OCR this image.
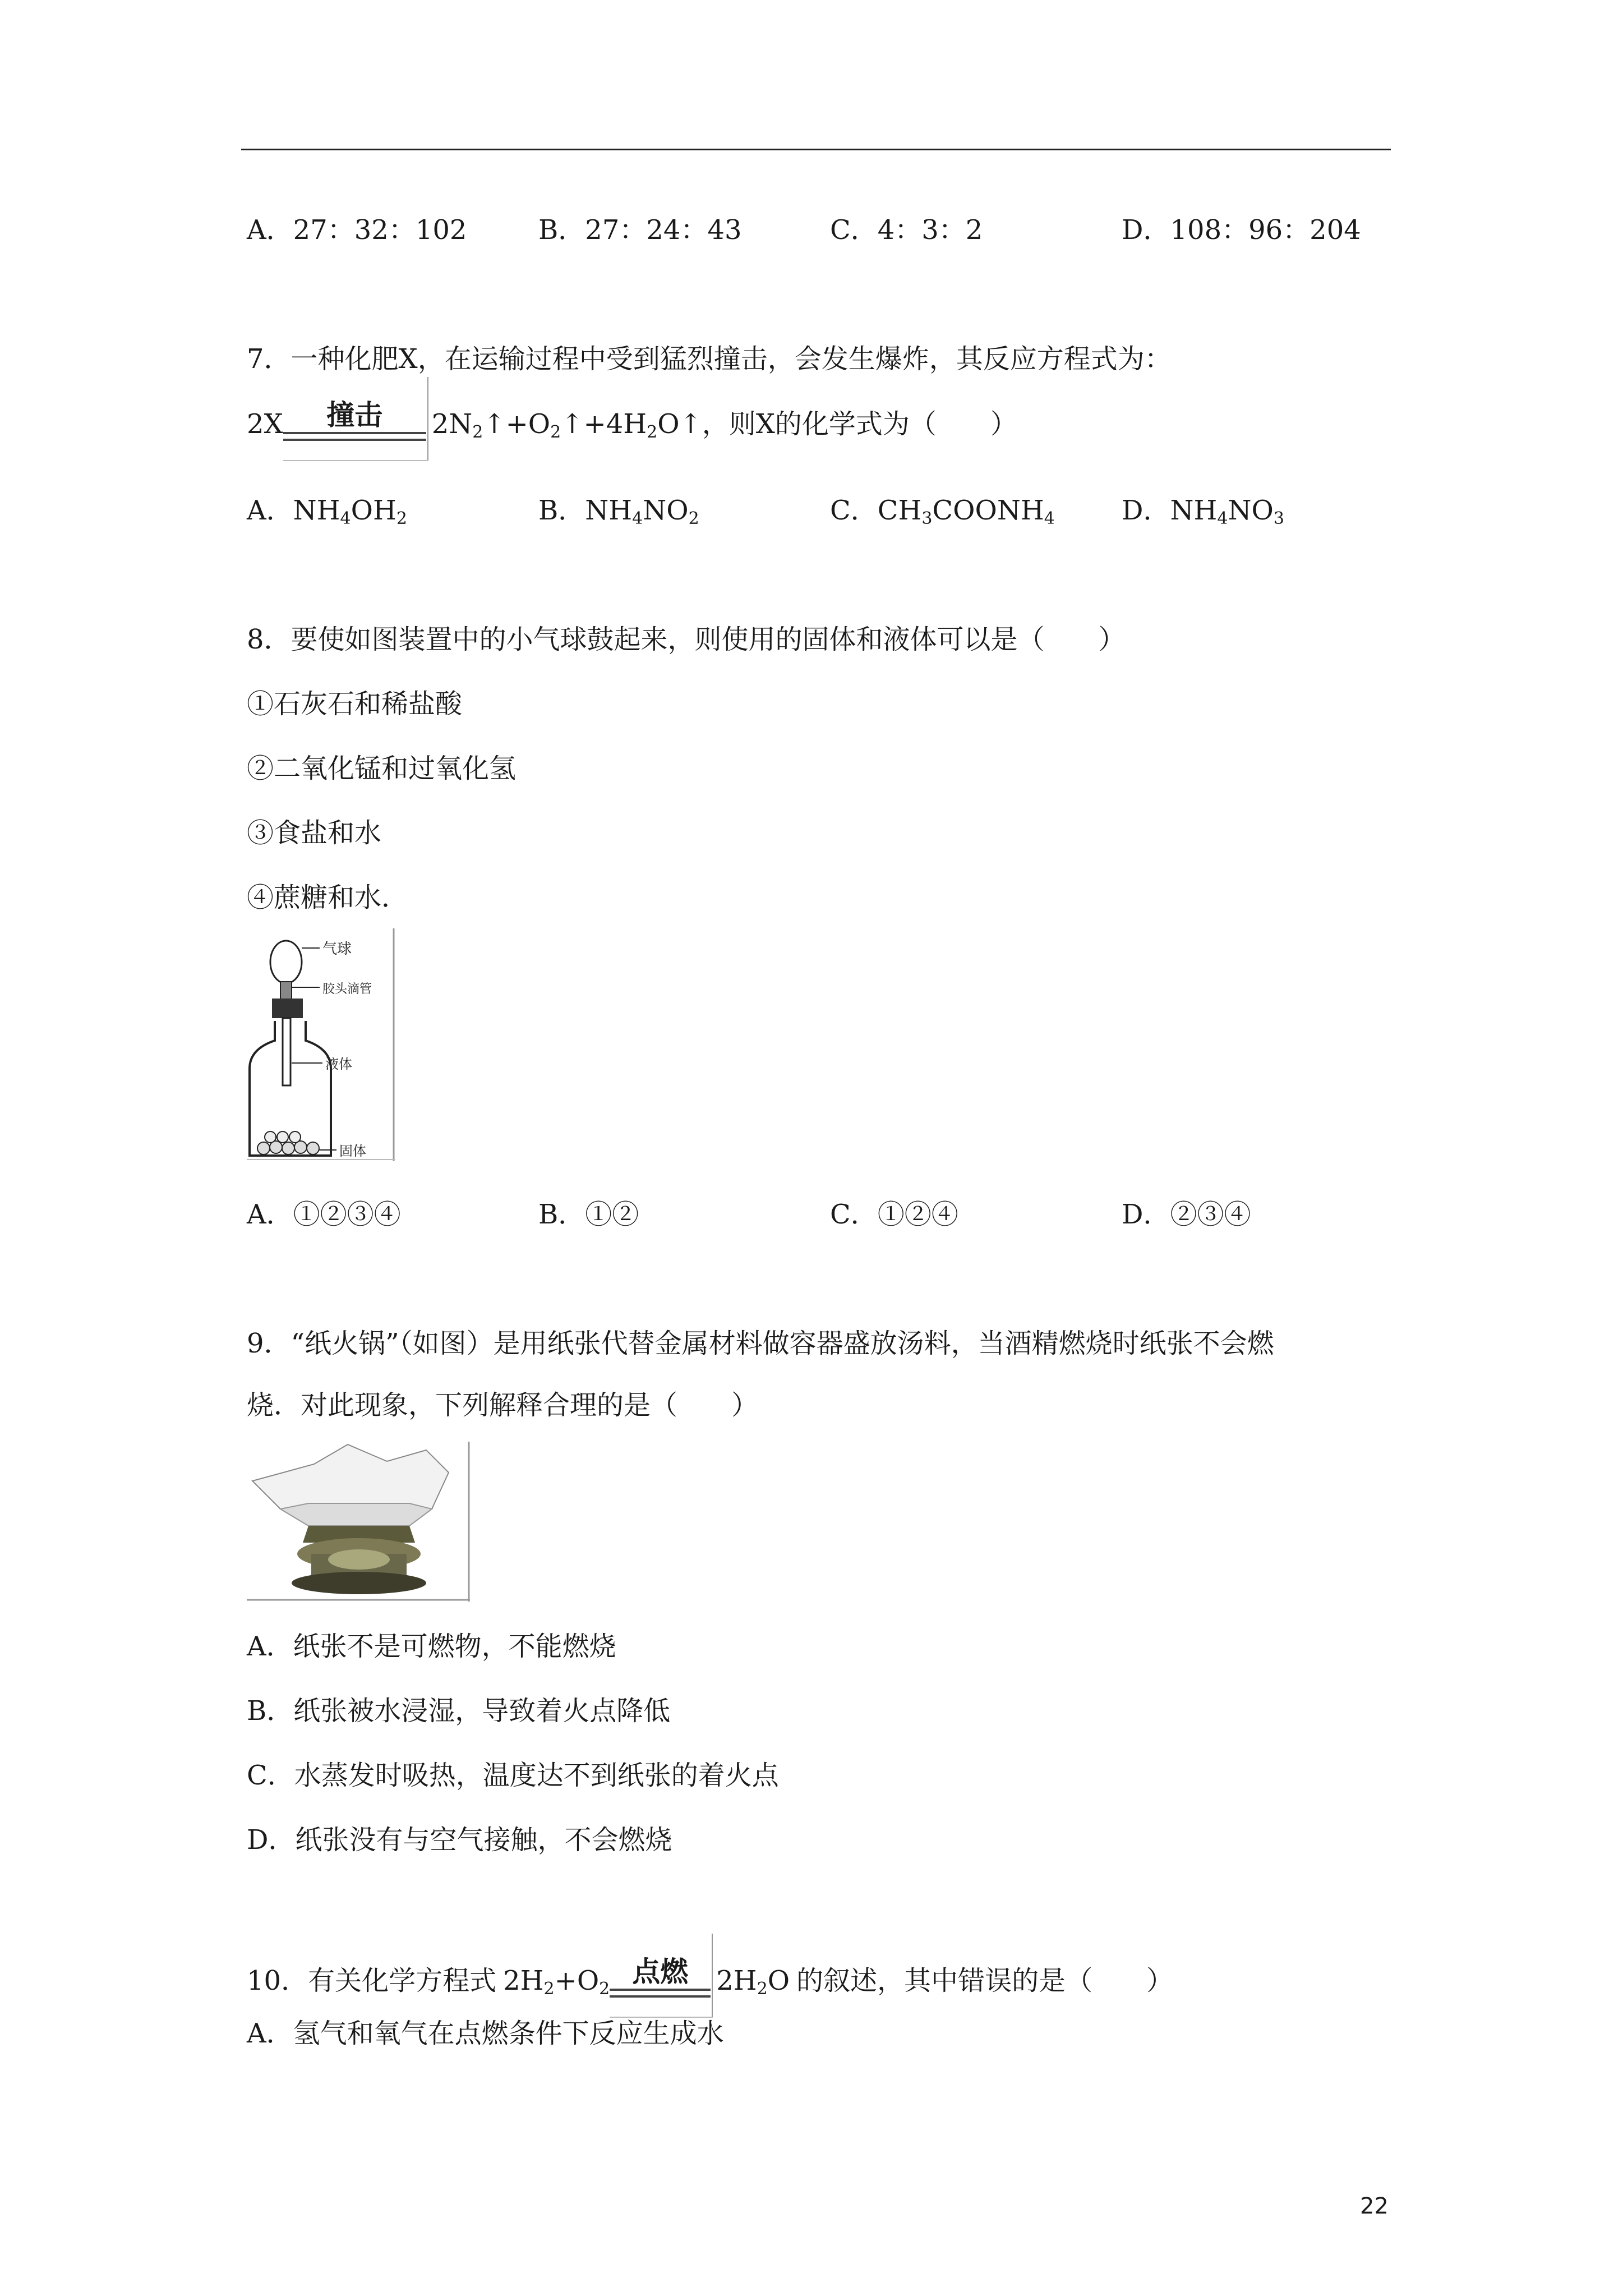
A．27：32：102	B．27：24：43	C．4：3：2	D．108：96：204
7．一种化肥X，在运输过程中受到猛烈撞击，会发生爆炸，其反应方程式为：
2X	撞击	$2N_2↑+O_2↑+4H_2O↑$，则X的化学式为（　　）
A．$NH_4OH_2$	B．$NH_4NO_2$	C．$CH_3COONH_4$ D．$NH_4NO_3$
8．要使如图装置中的小气球鼓起来，则使用的固体和液体可以是（　　）
①石灰石和稀盐酸
②二氧化锰和过氧化氢
③食盐和水
④蔗糖和水．
气球
胶头滴管
液体
固体
A．①②③④	B．①②	C．①②④	D．②③④
9．“纸火锅”（如图）是用纸张代替金属材料做容器盛放汤料，当酒精燃烧时纸张不会燃
烧．对此现象，下列解释合理的是（　　）
A．纸张不是可燃物，不能燃烧
B．纸张被水浸湿，导致着火点降低
C．水蒸发时吸热，温度达不到纸张的着火点
D．纸张没有与空气接触，不会燃烧
10．有关化学方程式 $2H_2+O_2$
点燃	$2H_2O$ 的叙述，其中错误的是（　　）
A．氢气和氧气在点燃条件下反应生成水
22
